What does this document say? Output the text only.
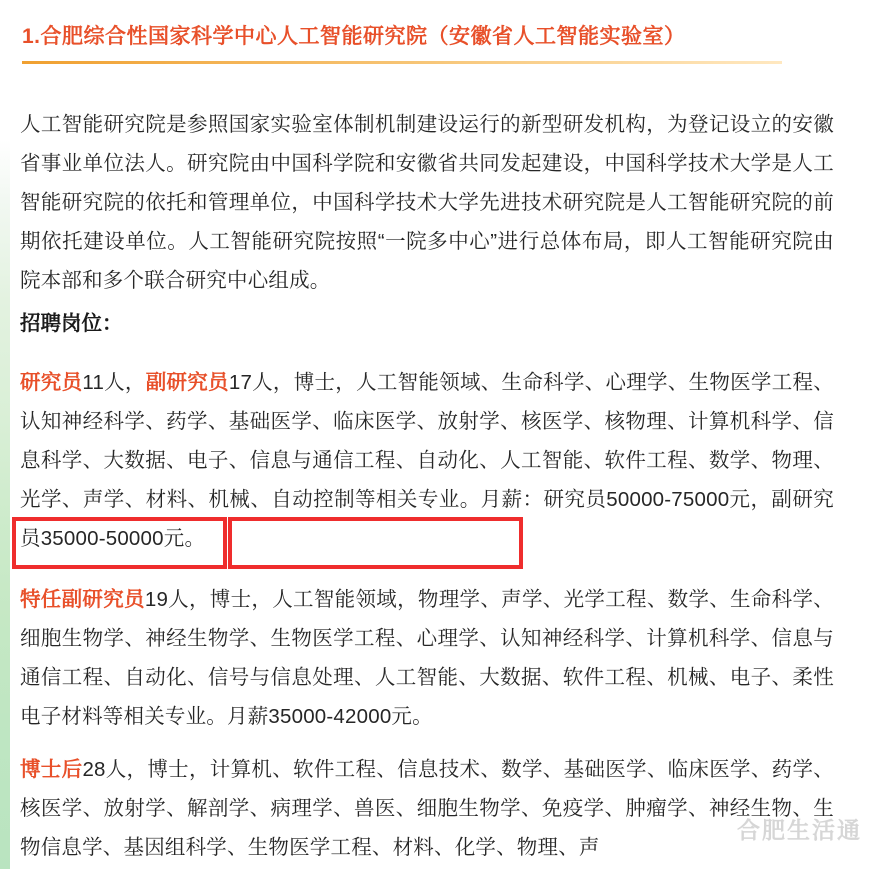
1.合肥综合性国家科学中心人工智能研究院（安徽省人工智能实验室）
人工智能研究院是参照国家实验室体制机制建设运行的新型研发机构，为登记设立的安徽省事业单位法人。研究院由中国科学院和安徽省共同发起建设，中国科学技术大学是人工智能研究院的依托和管理单位，中国科学技术大学先进技术研究院是人工智能研究院的前期依托建设单位。人工智能研究院按照“一院多中心”进行总体布局，即人工智能研究院由院本部和多个联合研究中心组成。
招聘岗位：
研究员11人，副研究员17人，博士，人工智能领域、生命科学、心理学、生物医学工程、认知神经科学、药学、基础医学、临床医学、放射学、核医学、核物理、计算机科学、信息科学、大数据、电子、信息与通信工程、自动化、人工智能、软件工程、数学、物理、光学、声学、材料、机械、自动控制等相关专业。月薪：研究员50000-75000元，副研究员35000-50000元。
特任副研究员19人，博士，人工智能领域，物理学、声学、光学工程、数学、生命科学、细胞生物学、神经生物学、生物医学工程、心理学、认知神经科学、计算机科学、信息与通信工程、自动化、信号与信息处理、人工智能、大数据、软件工程、机械、电子、柔性电子材料等相关专业。月薪35000-42000元。
博士后28人，博士，计算机、软件工程、信息技术、数学、基础医学、临床医学、药学、核医学、放射学、解剖学、病理学、兽医、细胞生物学、免疫学、肿瘤学、神经生物、生物信息学、基因组科学、生物医学工程、材料、化学、物理、声
合肥生活通
